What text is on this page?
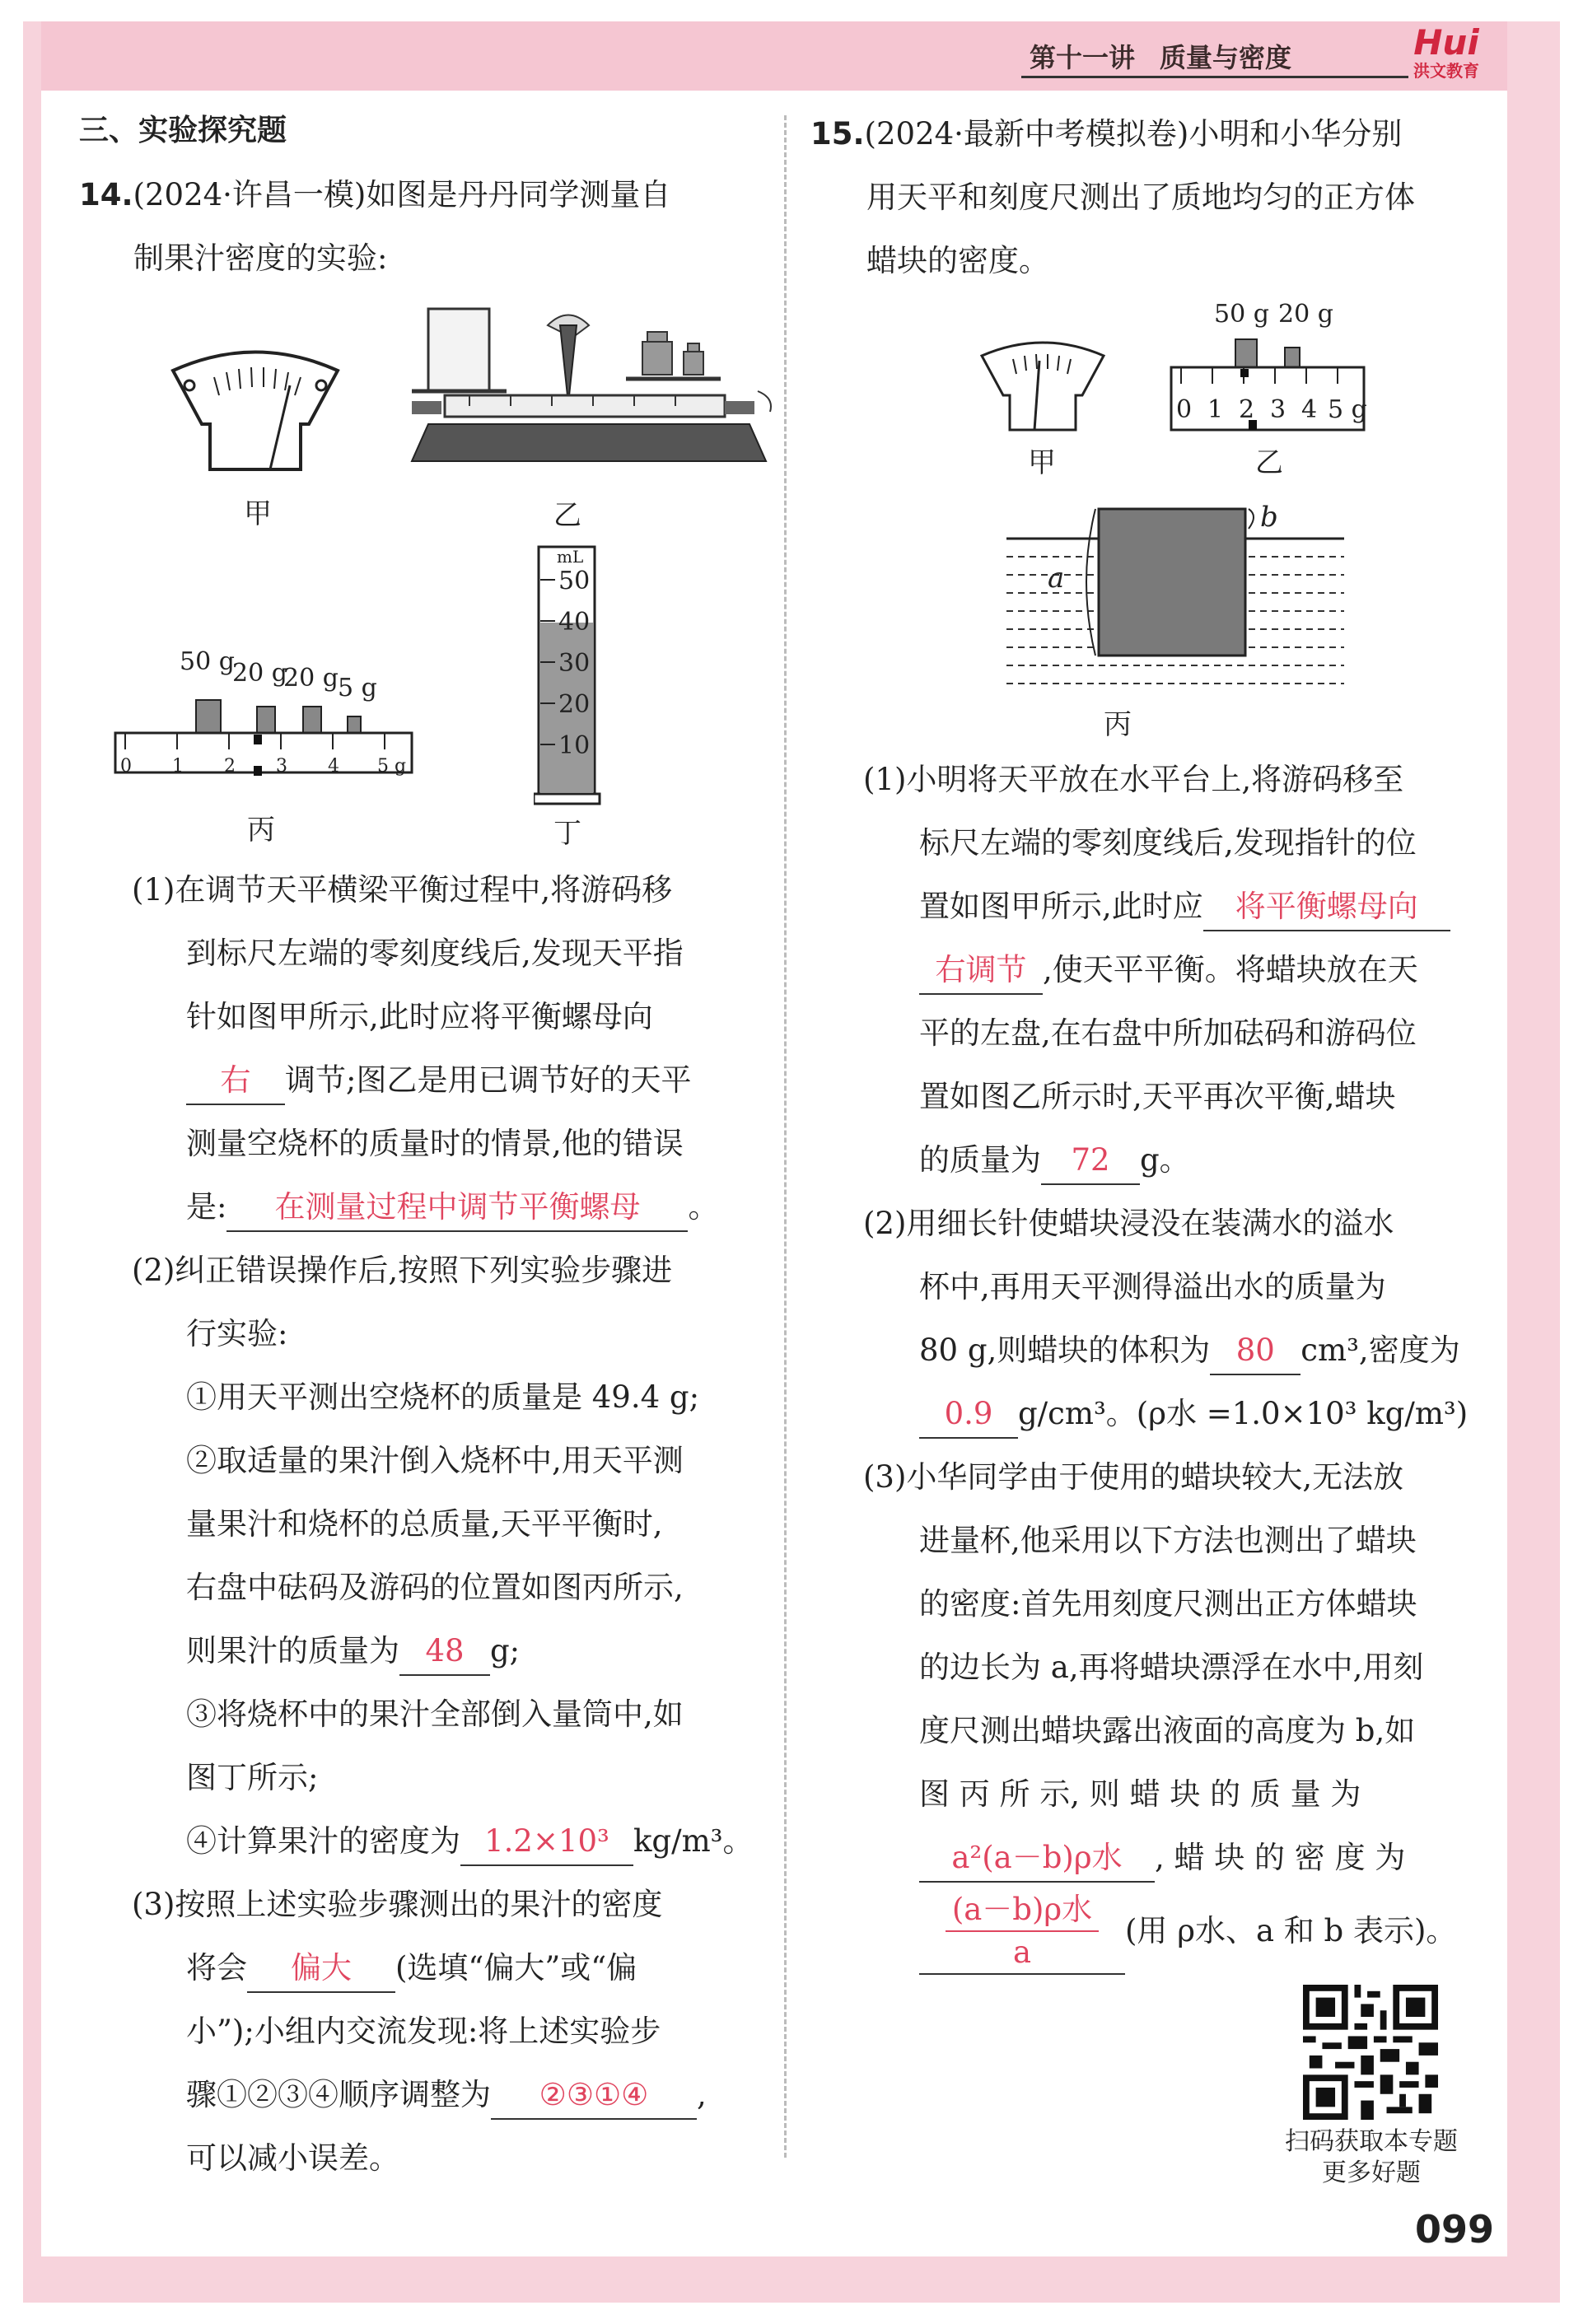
第十一讲 质量与密度	Hui
洪文教育
三、实验探究题
14.(2024·许昌一模)如图是丹丹同学测量自
制果汁密度的实验:
甲	乙
50 g
20 g
20 g 5 g
0 1 2 3 4 5 g
丙
mL
50
40
30
20
10
丁
(1)在调节天平横梁平衡过程中,将游码移
到标尺左端的零刻度线后,发现天平指
针如图甲所示,此时应将平衡螺母向
右 调节;图乙是用已调节好的天平
测量空烧杯的质量时的情景,他的错误
是: 在测量过程中调节平衡螺母 。
(2)纠正错误操作后,按照下列实验步骤进
行实验:
①用天平测出空烧杯的质量是 49.4 g;
②取适量的果汁倒入烧杯中,用天平测
量果汁和烧杯的总质量,天平平衡时,
右盘中砝码及游码的位置如图丙所示,
则果汁的质量为 48 g;
③将烧杯中的果汁全部倒入量筒中,如
图丁所示;
④计算果汁的密度为 1.2×10³ kg/m³。
(3)按照上述实验步骤测出的果汁的密度
将会 偏大 (选填“偏大”或“偏
小”);小组内交流发现:将上述实验步
骤①②③④顺序调整为 ②③①④ ,
可以减小误差。
15.(2024·最新中考模拟卷)小明和小华分别
用天平和刻度尺测出了质地均匀的正方体
蜡块的密度。
甲
50 g 20 g
0 1 2 3 4 5 g
乙
b
a
丙
(1)小明将天平放在水平台上,将游码移至
标尺左端的零刻度线后,发现指针的位
置如图甲所示,此时应 将平衡螺母向
右调节 ,使天平平衡。将蜡块放在天
平的左盘,在右盘中所加砝码和游码位
置如图乙所示时,天平再次平衡,蜡块
的质量为 72 g。
(2)用细长针使蜡块浸没在装满水的溢水
杯中,再用天平测得溢出水的质量为
80 g,则蜡块的体积为 80 cm³,密度为
0.9 g/cm³。(ρ水 =1.0×10³ kg/m³)
(3)小华同学由于使用的蜡块较大,无法放
进量杯,他采用以下方法也测出了蜡块
的密度:首先用刻度尺测出正方体蜡块
的边长为 a,再将蜡块漂浮在水中,用刻
度尺测出蜡块露出液面的高度为 b,如
图 丙 所 示, 则 蜡 块 的 质 量 为
a²(a－b)ρ水 , 蜡 块 的 密 度 为
$\frac{\text{(a－b)ρ水}}{a}$ (用 ρ水、a 和 b 表示)。
扫码获取本专题
更多好题
099
